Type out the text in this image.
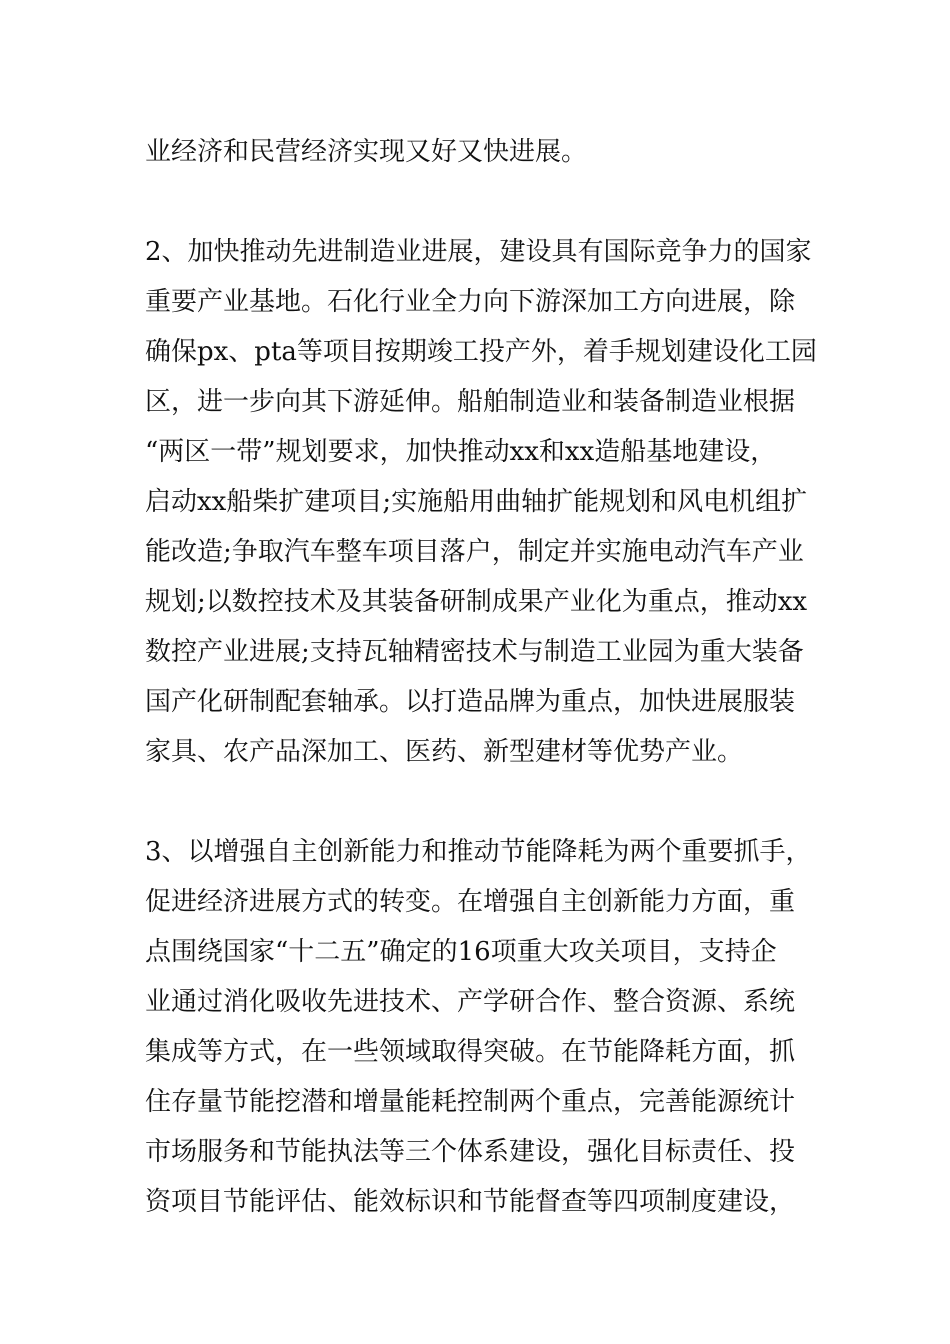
业经济和民营经济实现又好又快进展。
2、加快推动先进制造业进展，建设具有国际竞争力的国家
重要产业基地。石化行业全力向下游深加工方向进展，除
确保px、pta等项目按期竣工投产外，着手规划建设化工园
区，进一步向其下游延伸。船舶制造业和装备制造业根据
“两区一带”规划要求，加快推动xx和xx造船基地建设，
启动xx船柴扩建项目;实施船用曲轴扩能规划和风电机组扩
能改造;争取汽车整车项目落户，制定并实施电动汽车产业
规划;以数控技术及其装备研制成果产业化为重点，推动xx
数控产业进展;支持瓦轴精密技术与制造工业园为重大装备
国产化研制配套轴承。以打造品牌为重点，加快进展服装
家具、农产品深加工、医药、新型建材等优势产业。
3、以增强自主创新能力和推动节能降耗为两个重要抓手，
促进经济进展方式的转变。在增强自主创新能力方面，重
点围绕国家“十二五”确定的16项重大攻关项目，支持企
业通过消化吸收先进技术、产学研合作、整合资源、系统
集成等方式，在一些领域取得突破。在节能降耗方面，抓
住存量节能挖潜和增量能耗控制两个重点，完善能源统计
市场服务和节能执法等三个体系建设，强化目标责任、投
资项目节能评估、能效标识和节能督查等四项制度建设，
